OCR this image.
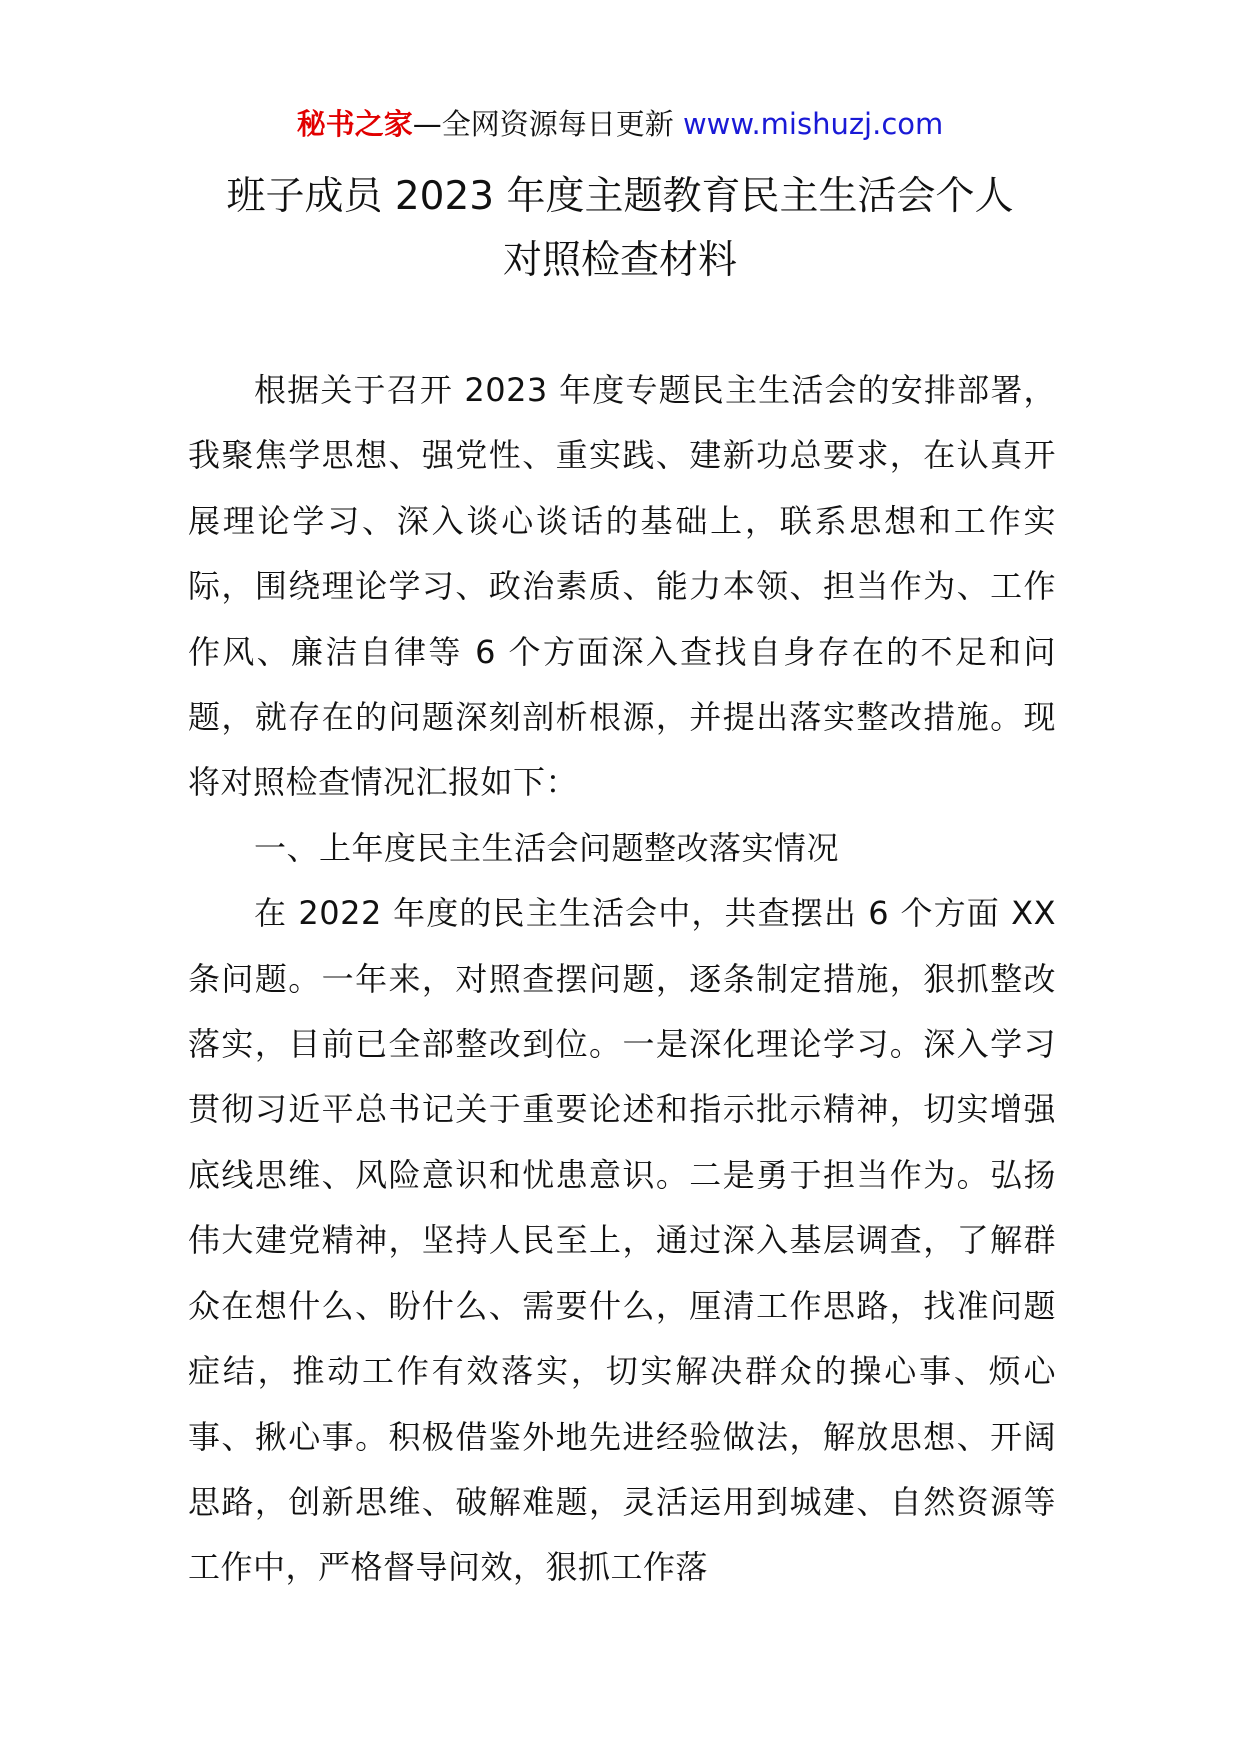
秘书之家—全网资源每日更新 www.mishuzj.com
班子成员 2023 年度主题教育民主生活会个人
对照检查材料

根据关于召开 2023 年度专题民主生活会的安排部署，我聚焦学思想、强党性、重实践、建新功总要求，在认真开展理论学习、深入谈心谈话的基础上，联系思想和工作实际，围绕理论学习、政治素质、能力本领、担当作为、工作作风、廉洁自律等 6 个方面深入查找自身存在的不足和问题，就存在的问题深刻剖析根源，并提出落实整改措施。现将对照检查情况汇报如下：

一、上年度民主生活会问题整改落实情况

在 2022 年度的民主生活会中，共查摆出 6 个方面 XX 条问题。一年来，对照查摆问题，逐条制定措施，狠抓整改落实，目前已全部整改到位。一是深化理论学习。深入学习贯彻习近平总书记关于重要论述和指示批示精神，切实增强底线思维、风险意识和忧患意识。二是勇于担当作为。弘扬伟大建党精神，坚持人民至上，通过深入基层调查，了解群众在想什么、盼什么、需要什么，厘清工作思路，找准问题症结，推动工作有效落实，切实解决群众的操心事、烦心事、揪心事。积极借鉴外地先进经验做法，解放思想、开阔思路，创新思维、破解难题，灵活运用到城建、自然资源等工作中，严格督导问效，狠抓工作落
